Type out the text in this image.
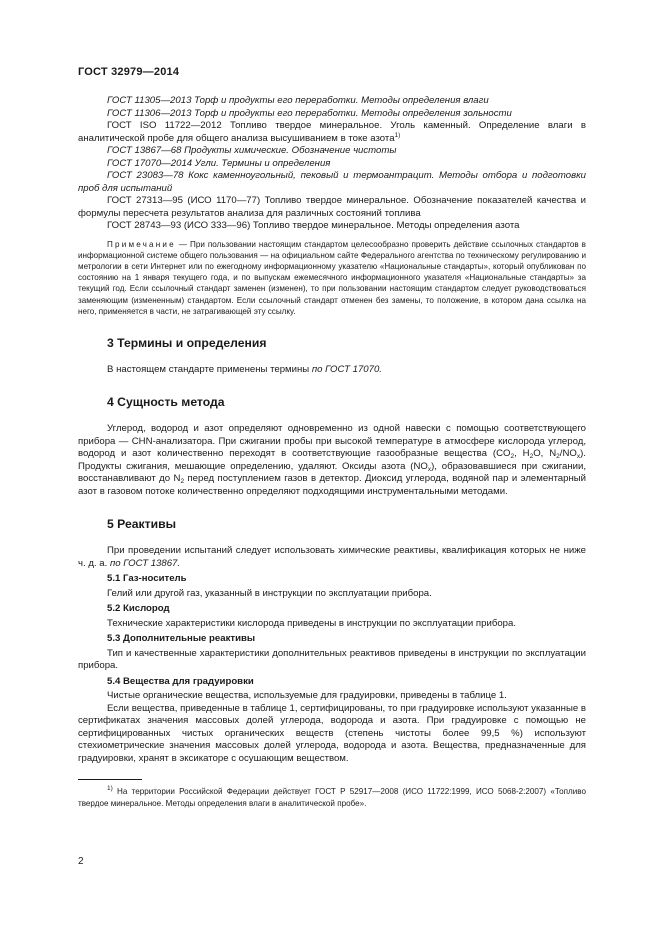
ГОСТ 32979—2014

ГОСТ 11305—2013 Торф и продукты его переработки. Методы определения влаги

ГОСТ 11306—2013 Торф и продукты его переработки. Методы определения зольности

ГОСТ ISO 11722—2012 Топливо твердое минеральное. Уголь каменный. Определение влаги в аналитической пробе для общего анализа высушиванием в токе азота$^{1)}$

ГОСТ 13867—68 Продукты химические. Обозначение чистоты

ГОСТ 17070—2014 Угли. Термины и определения

ГОСТ 23083—78 Кокс каменноугольный, пековый и термоантрацит. Методы отбора и подготовки проб для испытаний

ГОСТ 27313—95 (ИСО 1170—77) Топливо твердое минеральное. Обозначение показателей качества и формулы пересчета результатов анализа для различных состояний топлива

ГОСТ 28743—93 (ИСО 333—96) Топливо твердое минеральное. Методы определения азота

Примечание — При пользовании настоящим стандартом целесообразно проверить действие ссылочных стандартов в информационной системе общего пользования — на официальном сайте Федерального агентства по техническому регулированию и метрологии в сети Интернет или по ежегодному информационному указателю «Национальные стандарты», который опубликован по состоянию на 1 января текущего года, и по выпускам ежемесячного информационного указателя «Национальные стандарты» за текущий год. Если ссылочный стандарт заменен (изменен), то при пользовании настоящим стандартом следует руководствоваться заменяющим (измененным) стандартом. Если ссылочный стандарт отменен без замены, то положение, в котором дана ссылка на него, применяется в части, не затрагивающей эту ссылку.

3 Термины и определения

В настоящем стандарте применены термины по ГОСТ 17070.

4 Сущность метода

Углерод, водород и азот определяют одновременно из одной навески с помощью соответствующего прибора — CHN-анализатора. При сжигании пробы при высокой температуре в атмосфере кислорода углерод, водород и азот количественно переходят в соответствующие газообразные вещества ($CO_2$, $H_2O$, $N_2/NO_x$). Продукты сжигания, мешающие определению, удаляют. Оксиды азота $(NO_x)$, образовавшиеся при сжигании, восстанавливают до $N_2$ перед поступлением газов в детектор. Диоксид углерода, водяной пар и элементарный азот в газовом потоке количественно определяют подходящими инструментальными методами.

5 Реактивы

При проведении испытаний следует использовать химические реактивы, квалификация которых не ниже ч. д. а. по ГОСТ 13867.

5.1 Газ-носитель

Гелий или другой газ, указанный в инструкции по эксплуатации прибора.

5.2 Кислород

Технические характеристики кислорода приведены в инструкции по эксплуатации прибора.

5.3 Дополнительные реактивы

Тип и качественные характеристики дополнительных реактивов приведены в инструкции по эксплуатации прибора.

5.4 Вещества для градуировки

Чистые органические вещества, используемые для градуировки, приведены в таблице 1.

Если вещества, приведенные в таблице 1, сертифицированы, то при градуировке используют указанные в сертификатах значения массовых долей углерода, водорода и азота. При градуировке с помощью не сертифицированных чистых органических веществ (степень чистоты более 99,5 %) используют стехиометрические значения массовых долей углерода, водорода и азота. Вещества, предназначенные для градуировки, хранят в эксикаторе с осушающим веществом.

$^{1)}$ На территории Российской Федерации действует ГОСТ Р 52917—2008 (ИСО 11722:1999, ИСО 5068-2:2007) «Топливо твердое минеральное. Методы определения влаги в аналитической пробе».

2
